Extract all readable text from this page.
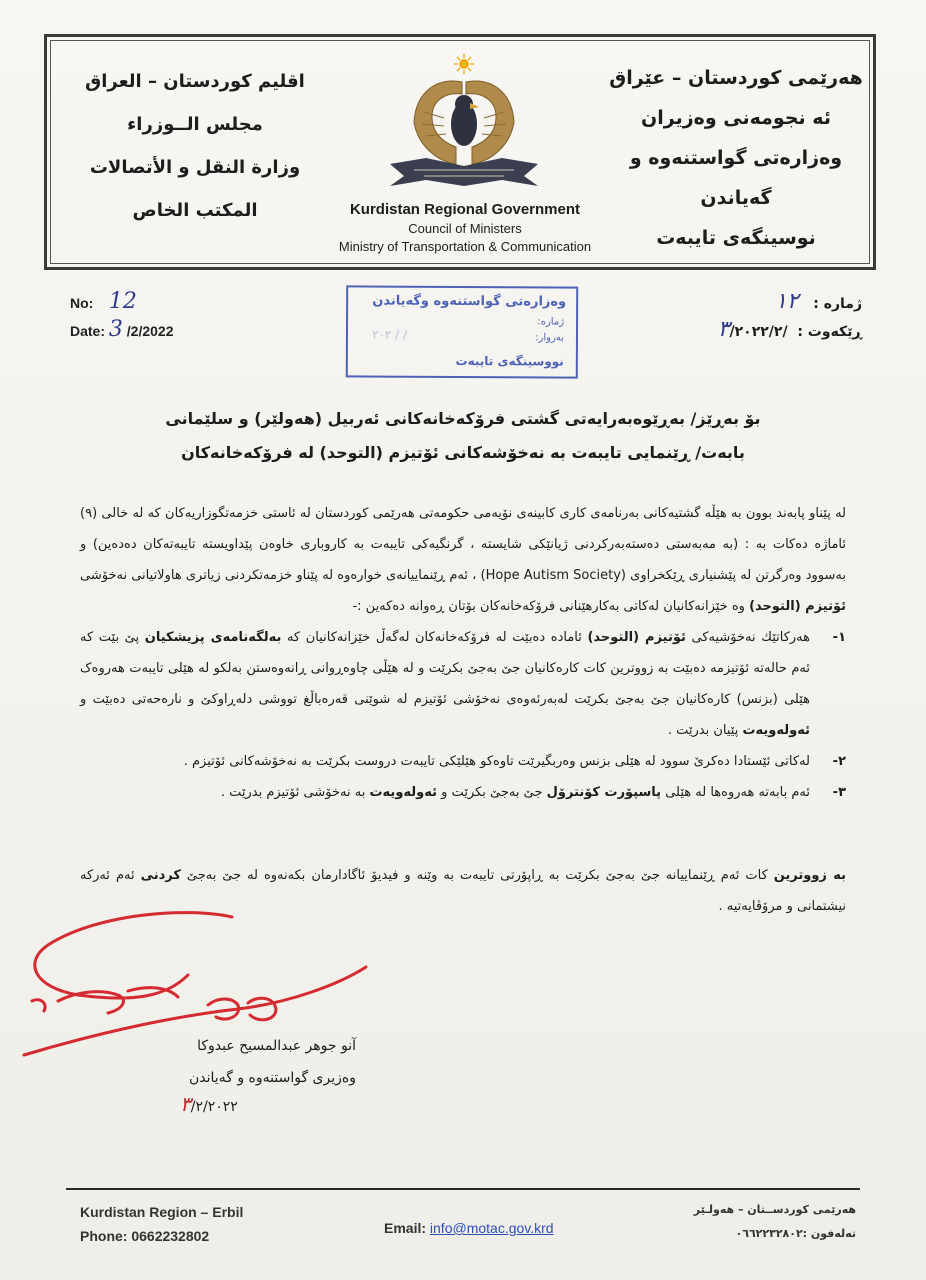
هەرێمی كوردستان – عێراق
ئه نجومەنی وەزیران
وەزارەتی گواستنەوە و گەیاندن
نوسینگەی تایبەت
اقليم كوردستان – العراق
مجلس الــوزراء
وزارة النقل و الأتصالات
المكتب الخاص	Kurdistan Regional Government
Council of Ministers
Ministry of Transportation & Communication
No: 12
Date: 3 /2/2022
ژمارە :   ١٢
ڕێكەوت :  /٣/٢٠٢٢/٢
وەزارەتی گواستنەوە وگەیاندن
ژمارە:
بەروار:
/ / ٢٠٢
نووسینگەی تایبەت
بۆ بەڕێز/ بەڕێوەبەرایەتی گشتی فرۆكەخانەكانی ئەربیل (هەولێر) و سلێمانی
بابەت/ ڕێنمایی تایبەت بە نەخۆشەكانی ئۆتیزم (التوحد) لە فرۆكەخانەكان

لە پێناو پابەند بوون بە هێڵە گشتیەكانی بەرنامەی كاری كابینەی نۆیەمی حكومەتی هەرێمی كوردستان لە ئاستی خزمەتگوزاریەكان كە لە خالی (٩) ئاماژە دەكات بە : (بە مەبەستی دەستەبەركردنی ژیانێكی شایستە ، گرنگیەكی تایبەت بە كاروباری خاوەن پێداویستە تایبەتەكان دەدەین) و بەسوود وەرگرتن لە پێشنیاری ڕێكخراوی (Hope Autism Society) ، ئەم ڕێنماییانەی خوارەوە لە پێناو خزمەتكردنی زیاتری هاولاتیانی نەخۆشی ئۆتیزم (التوحد) وە خێزانەكانیان لەكاتی بەكارهێنانی فرۆكەخانەكان بۆتان ڕەوانە دەكەین :-

١-
هەركاتێك نەخۆشیەكی ئۆتیزم (التوحد) ئامادە دەبێت لە فرۆكەخانەكان لەگەڵ خێزانەكانیان كە بەلگەنامەی پزیشكیان پێ بێت كە ئەم حالەتە ئۆتیزمە دەبێت بە زووترین كات كارەكانیان جێ بەجێ بكرێت و لە هێڵی چاوەڕوانی ڕانەوەستن بەلكو لە هێلی تایبەت هەروەک هێلی (بزنس) كارەكانیان جێ بەجێ بكرێت لەبەرئەوەی نەخۆشی ئۆتیزم لە شوێنی قەرەباڵغ تووشی دلەڕاوكێ و نارەحەتی دەبێت و ئەولەویەت پێیان بدرێت .
٢-
لەكاتی ئێستادا دەكرێ سوود لە هێلی بزنس وەربگیرێت تاوەكو هێلێكی تایبەت دروست بكرێت بە نەخۆشەكانی ئۆتیزم .
٣-
ئەم بابەتە هەروەها لە هێلی پاسپۆرت كۆنترۆل جێ بەجێ بكرێت و ئەولەویەت بە نەخۆشی ئۆتیزم بدرێت .
بە زووترین كات ئەم ڕێنماییانە جێ بەجێ بكرێت بە ڕاپۆرتی تایبەت بە وێنە و فیدیۆ ئاگادارمان بكەنەوە لە جێ بەجێ كردنی ئەم ئەركە نیشتمانی و مرۆڤایەتیە .
آنو جوهر عبدالمسيح عبدوكا
وەزیری گواستنەوە و گەیاندن
٣/٢/٢٠٢٢
Kurdistan Region – Erbil
Phone: 0662232802	Email: info@motac.gov.krd
هەرێمی كوردســتان – هەولـێر
تەلەفون :٠٦٦٢٢٣٢٨٠٢
